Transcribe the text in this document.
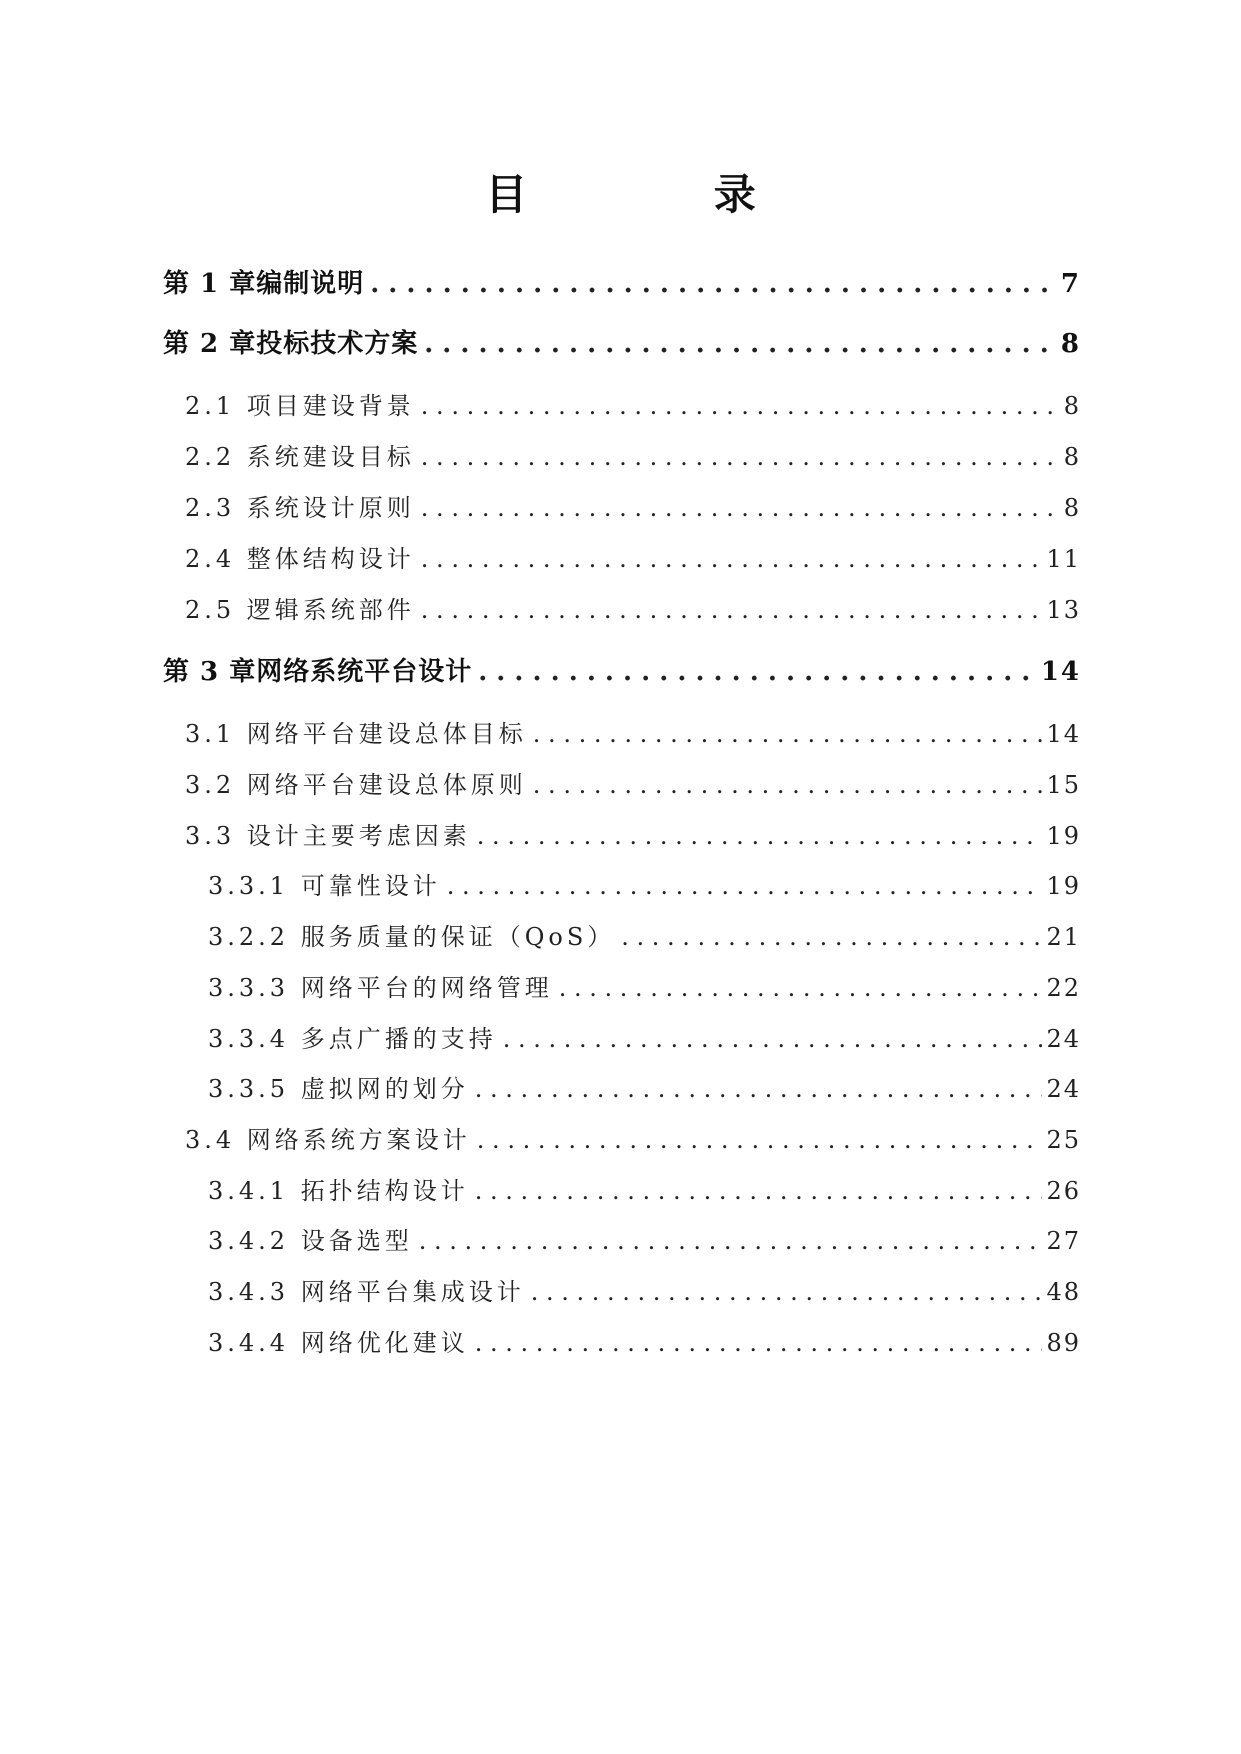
目 录
第 1 章编制说明 . . .	7
第 2 章投标技术方案 . . .	8
2.1 项目建设背景 . . .	8
2.2 系统建设目标 . . .	8
2.3 系统设计原则 . . .	8
2.4 整体结构设计 . . .	11
2.5 逻辑系统部件 . . .	13
第 3 章网络系统平台设计 . . .	14
3.1 网络平台建设总体目标 . . .	14
3.2 网络平台建设总体原则 . . .	15
3.3 设计主要考虑因素 . . .	19
3.3.1 可靠性设计 . . .	19
3.2.2 服务质量的保证（QoS） . . .	21
3.3.3 网络平台的网络管理 . . .	22
3.3.4 多点广播的支持 . . .	24
3.3.5 虚拟网的划分 . . .	24
3.4 网络系统方案设计 . . .	25
3.4.1 拓扑结构设计 . . .	26
3.4.2 设备选型 . . .	27
3.4.3 网络平台集成设计 . . .	48
3.4.4 网络优化建议 . . .	89
